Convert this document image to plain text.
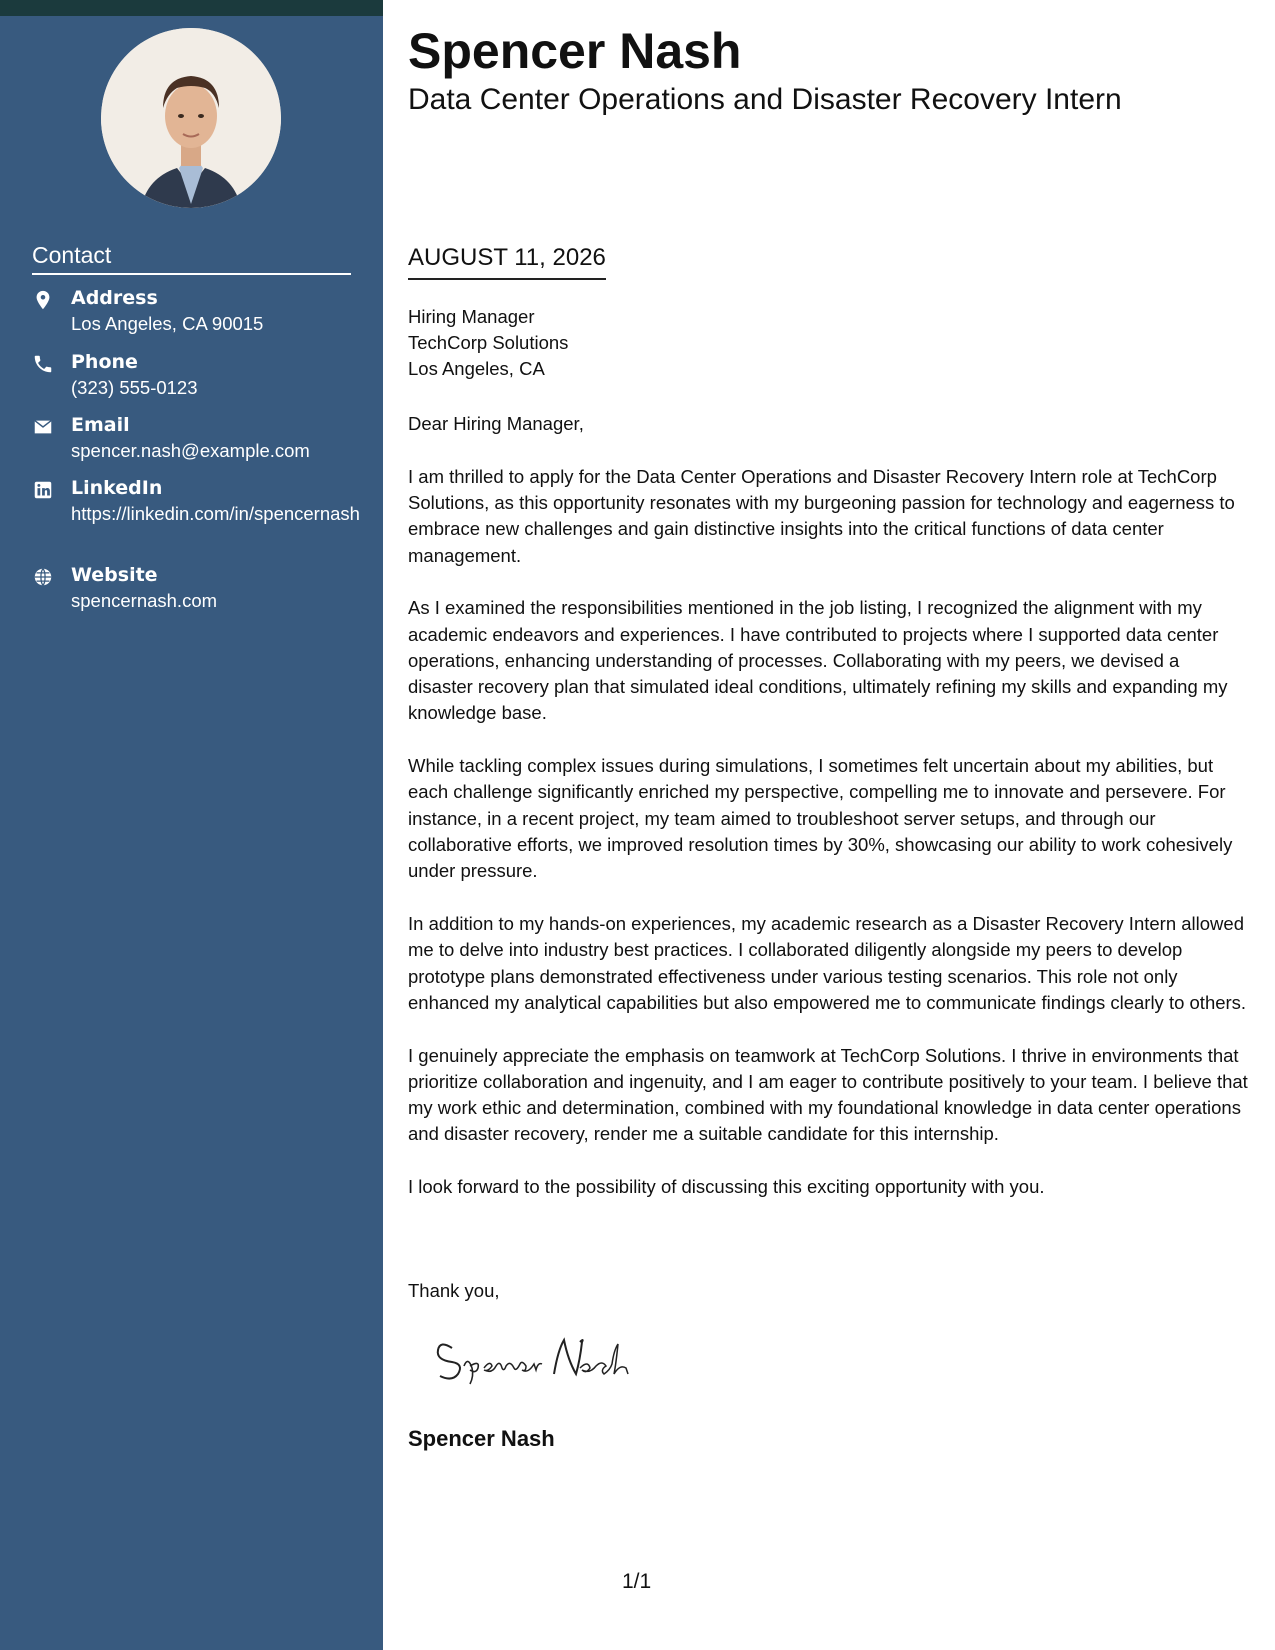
Contact
Address
Los Angeles, CA 90015
Phone
(323) 555-0123
Email
spencer.nash@example.com
LinkedIn
https://linkedin.com/in/spencernash
Website
spencernash.com
Spencer Nash
Data Center Operations and Disaster Recovery Intern
AUGUST 11, 2026
Hiring Manager
TechCorp Solutions
Los Angeles, CA

Dear Hiring Manager,

I am thrilled to apply for the Data Center Operations and Disaster Recovery Intern role at TechCorp Solutions, as this opportunity resonates with my burgeoning passion for technology and eagerness to embrace new challenges and gain distinctive insights into the critical functions of data center management.

As I examined the responsibilities mentioned in the job listing, I recognized the alignment with my academic endeavors and experiences. I have contributed to projects where I supported data center operations, enhancing understanding of processes. Collaborating with my peers, we devised a disaster recovery plan that simulated ideal conditions, ultimately refining my skills and expanding my knowledge base.

While tackling complex issues during simulations, I sometimes felt uncertain about my abilities, but each challenge significantly enriched my perspective, compelling me to innovate and persevere. For instance, in a recent project, my team aimed to troubleshoot server setups, and through our collaborative efforts, we improved resolution times by 30%, showcasing our ability to work cohesively under pressure.

In addition to my hands-on experiences, my academic research as a Disaster Recovery Intern allowed me to delve into industry best practices. I collaborated diligently alongside my peers to develop prototype plans demonstrated effectiveness under various testing scenarios. This role not only enhanced my analytical capabilities but also empowered me to communicate findings clearly to others.

I genuinely appreciate the emphasis on teamwork at TechCorp Solutions. I thrive in environments that prioritize collaboration and ingenuity, and I am eager to contribute positively to your team. I believe that my work ethic and determination, combined with my foundational knowledge in data center operations and disaster recovery, render me a suitable candidate for this internship.

I look forward to the possibility of discussing this exciting opportunity with you.

Thank you,
Spencer Nash
1/1
